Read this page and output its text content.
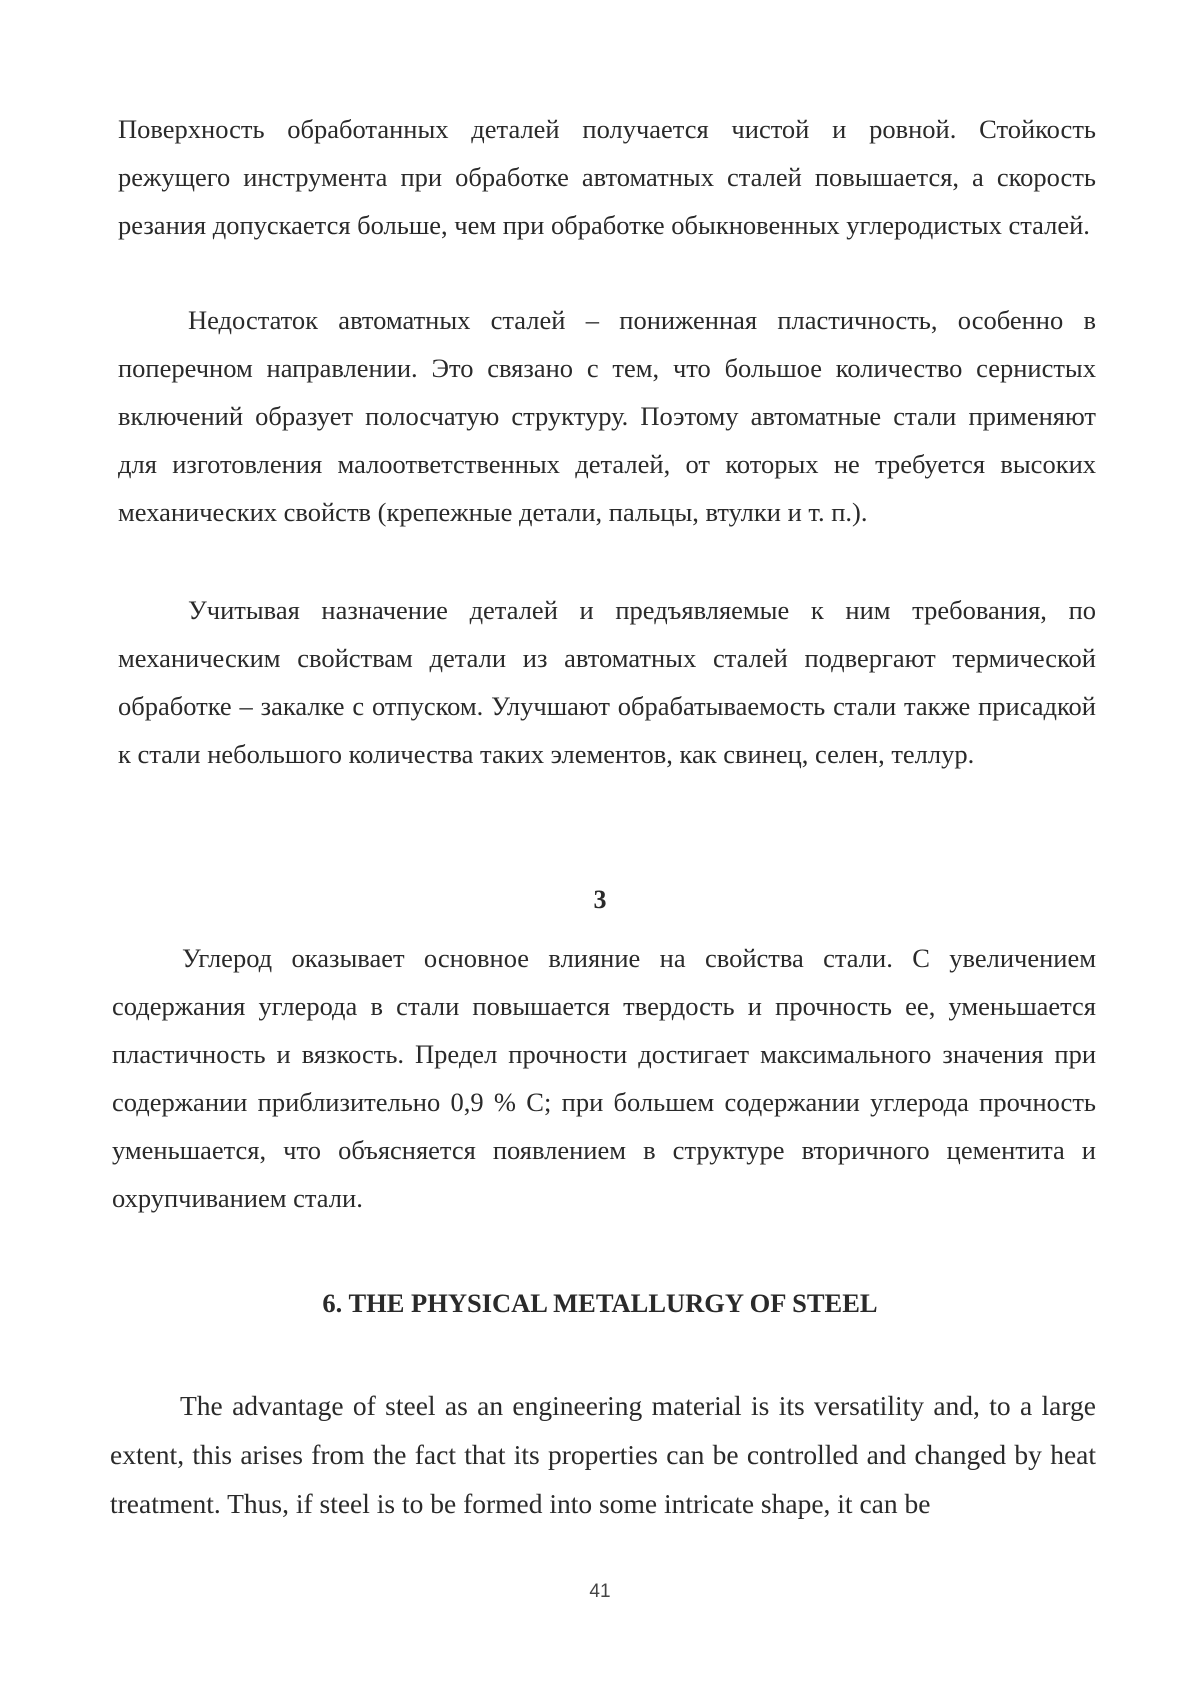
Поверхность обработанных деталей получается чистой и ровной. Стойкость режущего инструмента при обработке автоматных сталей повышается, а скорость резания допускается больше, чем при обработке обыкновенных углеродистых сталей.

Недостаток автоматных сталей – пониженная пластичность, особенно в поперечном направлении. Это связано с тем, что большое количество сернистых включений образует полосчатую структуру. Поэтому автоматные стали применяют для изготовления малоответственных деталей, от которых не требуется высоких механических свойств (крепежные детали, пальцы, втулки и т. п.).

Учитывая назначение деталей и предъявляемые к ним требования, по механическим свойствам детали из автоматных сталей подвергают термической обработке – закалке с отпуском. Улучшают обрабатываемость стали также присадкой к стали небольшого количества таких элементов, как свинец, селен, теллур.

3

Углерод оказывает основное влияние на свойства стали. С увеличением содержания углерода в стали повышается твердость и прочность ее, уменьшается пластичность и вязкость. Предел прочности достигает максимального значения при содержании приблизительно 0,9 % С; при большем содержании углерода прочность уменьшается, что объясняется появлением в структуре вторичного цементита и охрупчиванием стали.

6. THE PHYSICAL METALLURGY OF STEEL

The advantage of steel as an engineering material is its versatility and, to a large extent, this arises from the fact that its properties can be controlled and changed by heat treatment. Thus, if steel is to be formed into some intricate shape, it can be

41
